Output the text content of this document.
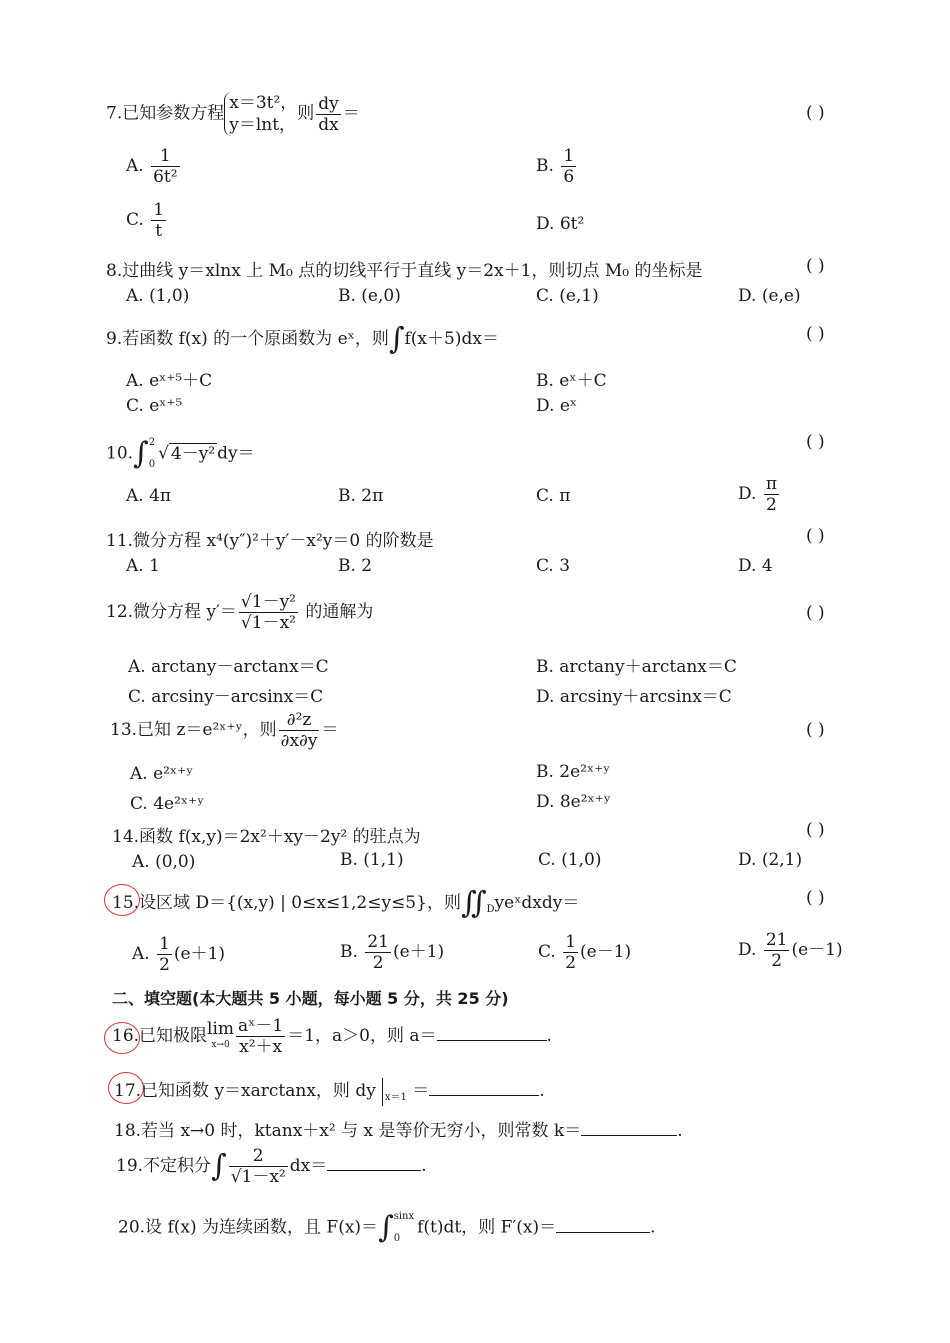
7.已知参数方程
x＝3t²，
y＝lnt，
则 $\frac{dy}{dx}$ ＝	( )
A. $\frac{1}{\text{6t²}}$	B. $\frac{1}{6}$
C. $\frac{1}{t}$	D. 6t²
8.过曲线 y＝xlnx 上 M₀ 点的切线平行于直线 y＝2x＋1，则切点 M₀ 的坐标是	( )
A. (1,0)	B. (e,0)	C. (e,1)	D. (e,e)
9.若函数 f(x) 的一个原函数为 eˣ，则∫f(x＋5)dx＝	( )
A. eˣ⁺⁵＋C	B. eˣ＋C
C. eˣ⁺⁵	D. eˣ
10.∫ 2
0
√ 4－y² dy＝
( )
A. 4π	B. 2π	C. π	D. $\frac{\pi}{2}$
11.微分方程 x⁴(y″)²＋y′－x²y＝0 的阶数是	( )
A. 1	B. 2	C. 3	D. 4
12.微分方程 $y'= \frac{\text{√1－y²}}{\text{√1－x²}}$ 的通解为	( )
A. arctany－arctanx＝C	B. arctany＋arctanx＝C
C. arcsiny－arcsinx＝C	D. arcsiny＋arcsinx＝C
13.已知 z＝e²ˣ⁺ʸ，则 $\frac{\text{∂²z}}{\partial x\partial y}$ ＝	( )
A. e²ˣ⁺ʸ	B. 2e²ˣ⁺ʸ
C. 4e²ˣ⁺ʸ	D. 8e²ˣ⁺ʸ
14.函数 f(x,y)＝2x²＋xy－2y² 的驻点为	( )
A. (0,0)	B. (1,1)	C. (1,0)	D. (2,1)
15.设区域 D＝{(x,y) | 0≤x≤1,2≤y≤5}，则$∬_Dyeˣdxdy=$	( )
A. $\frac{1}{2} (e+1)$	B. $\frac{21}{2} (e+1)$	C. $\frac{1}{2} (e-1)$	D. $\frac{21}{2} (e-1)$
二、填空题(本大题共 5 小题，每小题 5 分，共 25 分)
16.已知极限 lim
$x\to 0 \frac{\text{aˣ－1}}{\text{x²＋x}} =1$，a＞0，则 a＝	.
17.已知函数 y＝xarctanx，则 dy $_{x=1}$ ＝	.
18.若当 x→0 时，ktanx＋x² 与 x 是等价无穷小，则常数 k＝	.
19.不定积分∫ $\frac{2}{\text{√1－x²}} dx=$	.
20.设 f(x) 为连续函数，且 F(x)＝∫ sinx
0
f(t)dt，则 F′(x)＝	.
